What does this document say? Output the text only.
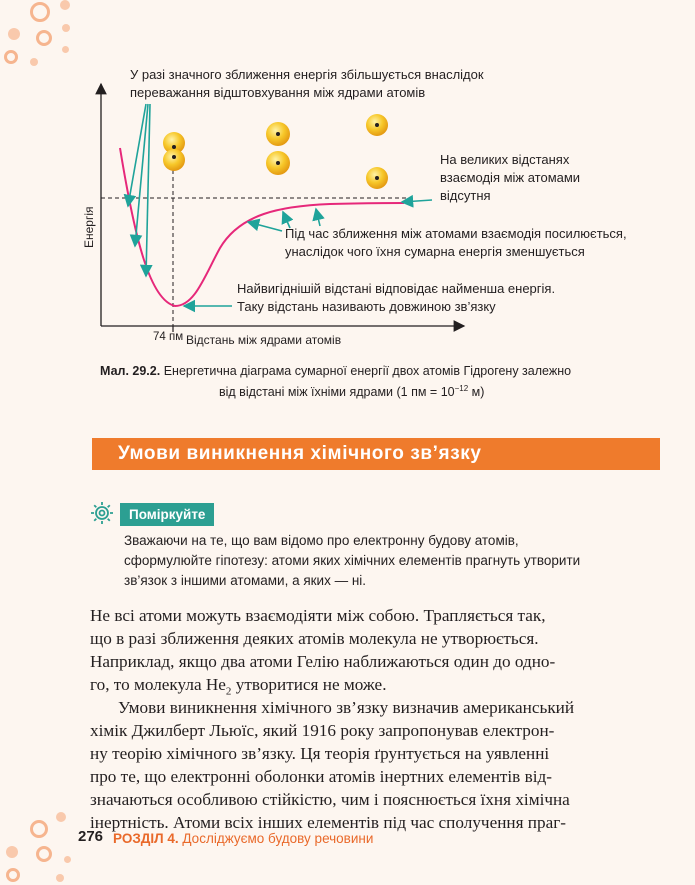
У разі значного зближення енергія збільшується внаслідок
переважання відштовхування між ядрами атомів
На великих відстанях
взаємодія між атомами
відсутня
Під час зближення між атомами взаємодія посилюється,
унаслідок чого їхня сумарна енергія зменшується
Найвигіднішій відстані відповідає найменша енергія.
Таку відстань називають довжиною зв’язку
Енергія
Відстань між ядрами атомів
74 пм
Мал. 29.2. Енергетична діаграма сумарної енергії двох атомів Гідрогену залежно
від відстані між їхніми ядрами (1 пм = $10^{-12}$ м)
Умови виникнення хімічного зв’язку
Поміркуйте
Зважаючи на те, що вам відомо про електронну будову атомів,
сформулюйте гіпотезу: атоми яких хімічних елементів прагнуть утворити
зв’язок з іншими атомами, а яких — ні.
Не всі атоми можуть взаємодіяти між собою. Трапляється так,
що в разі зближення деяких атомів молекула не утворюється.
Наприклад, якщо два атоми Гелію наближаються один до одно-
го, то молекула $He_2$ утворитися не може.
Умови виникнення хімічного зв’язку визначив американський
хімік Джилберт Льюїс, який 1916 року запропонував електрон-
ну теорію хімічного зв’язку. Ця теорія ґрунтується на уявленні
про те, що електронні оболонки атомів інертних елементів від-
значаються особливою стійкістю, чим і пояснюється їхня хімічна
інертність. Атоми всіх інших елементів під час сполучення праг-
276 РОЗДІЛ 4. Досліджуємо будову речовини
